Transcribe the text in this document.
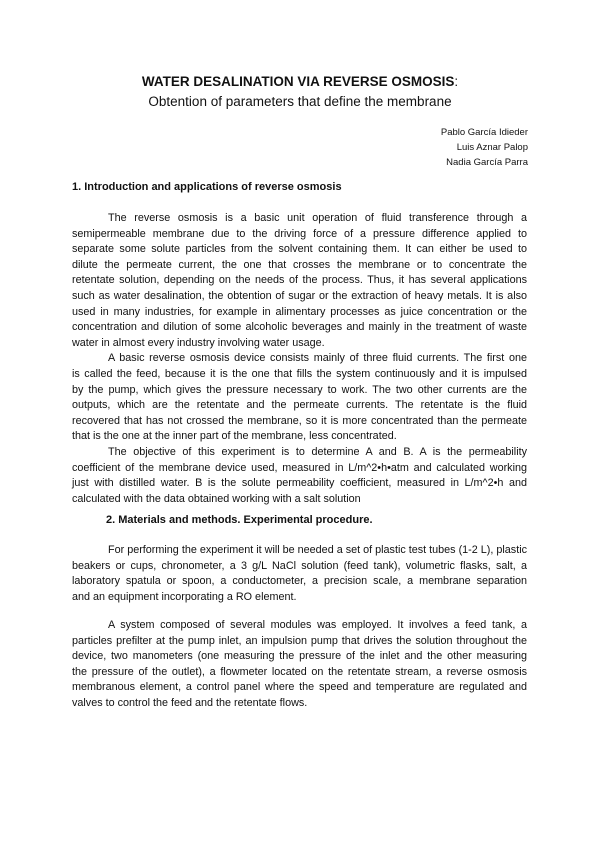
WATER DESALINATION VIA REVERSE OSMOSIS:
Obtention of parameters that define the membrane
Pablo García Idieder
Luis Aznar Palop
Nadia García Parra
1. Introduction and applications of reverse osmosis
The reverse osmosis is a basic unit operation of fluid transference through a
semipermeable membrane due to the driving force of a pressure difference applied to
separate some solute particles from the solvent containing them. It can either be used to
dilute the permeate current, the one that crosses the membrane or to concentrate the
retentate solution, depending on the needs of the process. Thus, it has several applications
such as water desalination, the obtention of sugar or the extraction of heavy metals. It is also
used in many industries, for example in alimentary processes as juice concentration or the
concentration and dilution of some alcoholic beverages and mainly in the treatment of waste
water in almost every industry involving water usage.
A basic reverse osmosis device consists mainly of three fluid currents. The first one
is called the feed, because it is the one that fills the system continuously and it is impulsed
by the pump, which gives the pressure necessary to work. The two other currents are the
outputs, which are the retentate and the permeate currents. The retentate is the fluid
recovered that has not crossed the membrane, so it is more concentrated than the permeate
that is the one at the inner part of the membrane, less concentrated.
The objective of this experiment is to determine A and B. A is the permeability
coefficient of the membrane device used, measured in L/m^2•h•atm and calculated working
just with distilled water. B is the solute permeability coefficient, measured in L/m^2•h and
calculated with the data obtained working with a salt solution
2. Materials and methods. Experimental procedure.
For performing the experiment it will be needed a set of plastic test tubes (1-2 L), plastic
beakers or cups, chronometer, a 3 g/L NaCl solution (feed tank), volumetric flasks, salt, a
laboratory spatula or spoon, a conductometer, a precision scale, a membrane separation
and an equipment incorporating a RO element.
A system composed of several modules was employed. It involves a feed tank, a
particles prefilter at the pump inlet, an impulsion pump that drives the solution throughout the
device, two manometers (one measuring the pressure of the inlet and the other measuring
the pressure of the outlet), a flowmeter located on the retentate stream, a reverse osmosis
membranous element, a control panel where the speed and temperature are regulated and
valves to control the feed and the retentate flows.
